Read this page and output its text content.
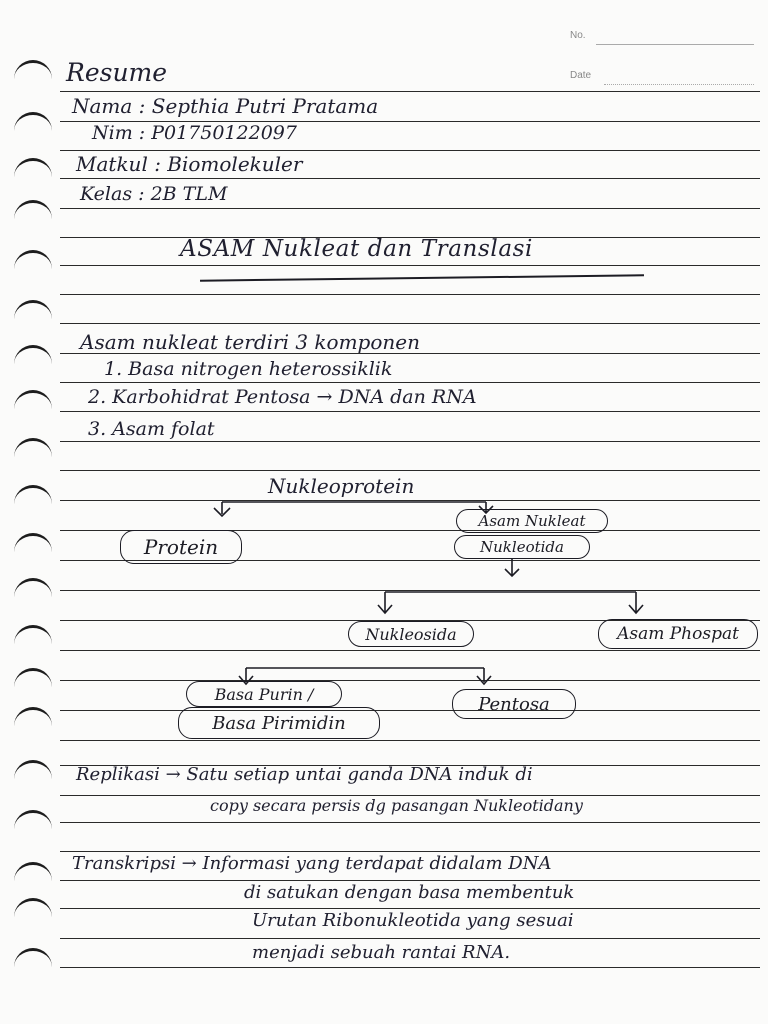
No.
Date
Resume
Nama : Septhia Putri Pratama
Nim : P01750122097
Matkul : Biomolekuler
Kelas : 2B TLM
ASAM Nukleat dan Translasi
Asam nukleat terdiri 3 komponen
1. Basa nitrogen heterossiklik
2. Karbohidrat Pentosa → DNA dan RNA
3. Asam folat
Nukleoprotein
Protein
Asam Nukleat
Nukleotida
Nukleosida	Asam Phospat
Basa Purin /
Basa Pirimidin
Pentosa
Replikasi → Satu setiap untai ganda DNA induk di
copy secara persis dg pasangan Nukleotidany
Transkripsi → Informasi yang terdapat didalam DNA
di satukan dengan basa membentuk
Urutan Ribonukleotida yang sesuai
menjadi sebuah rantai RNA.
